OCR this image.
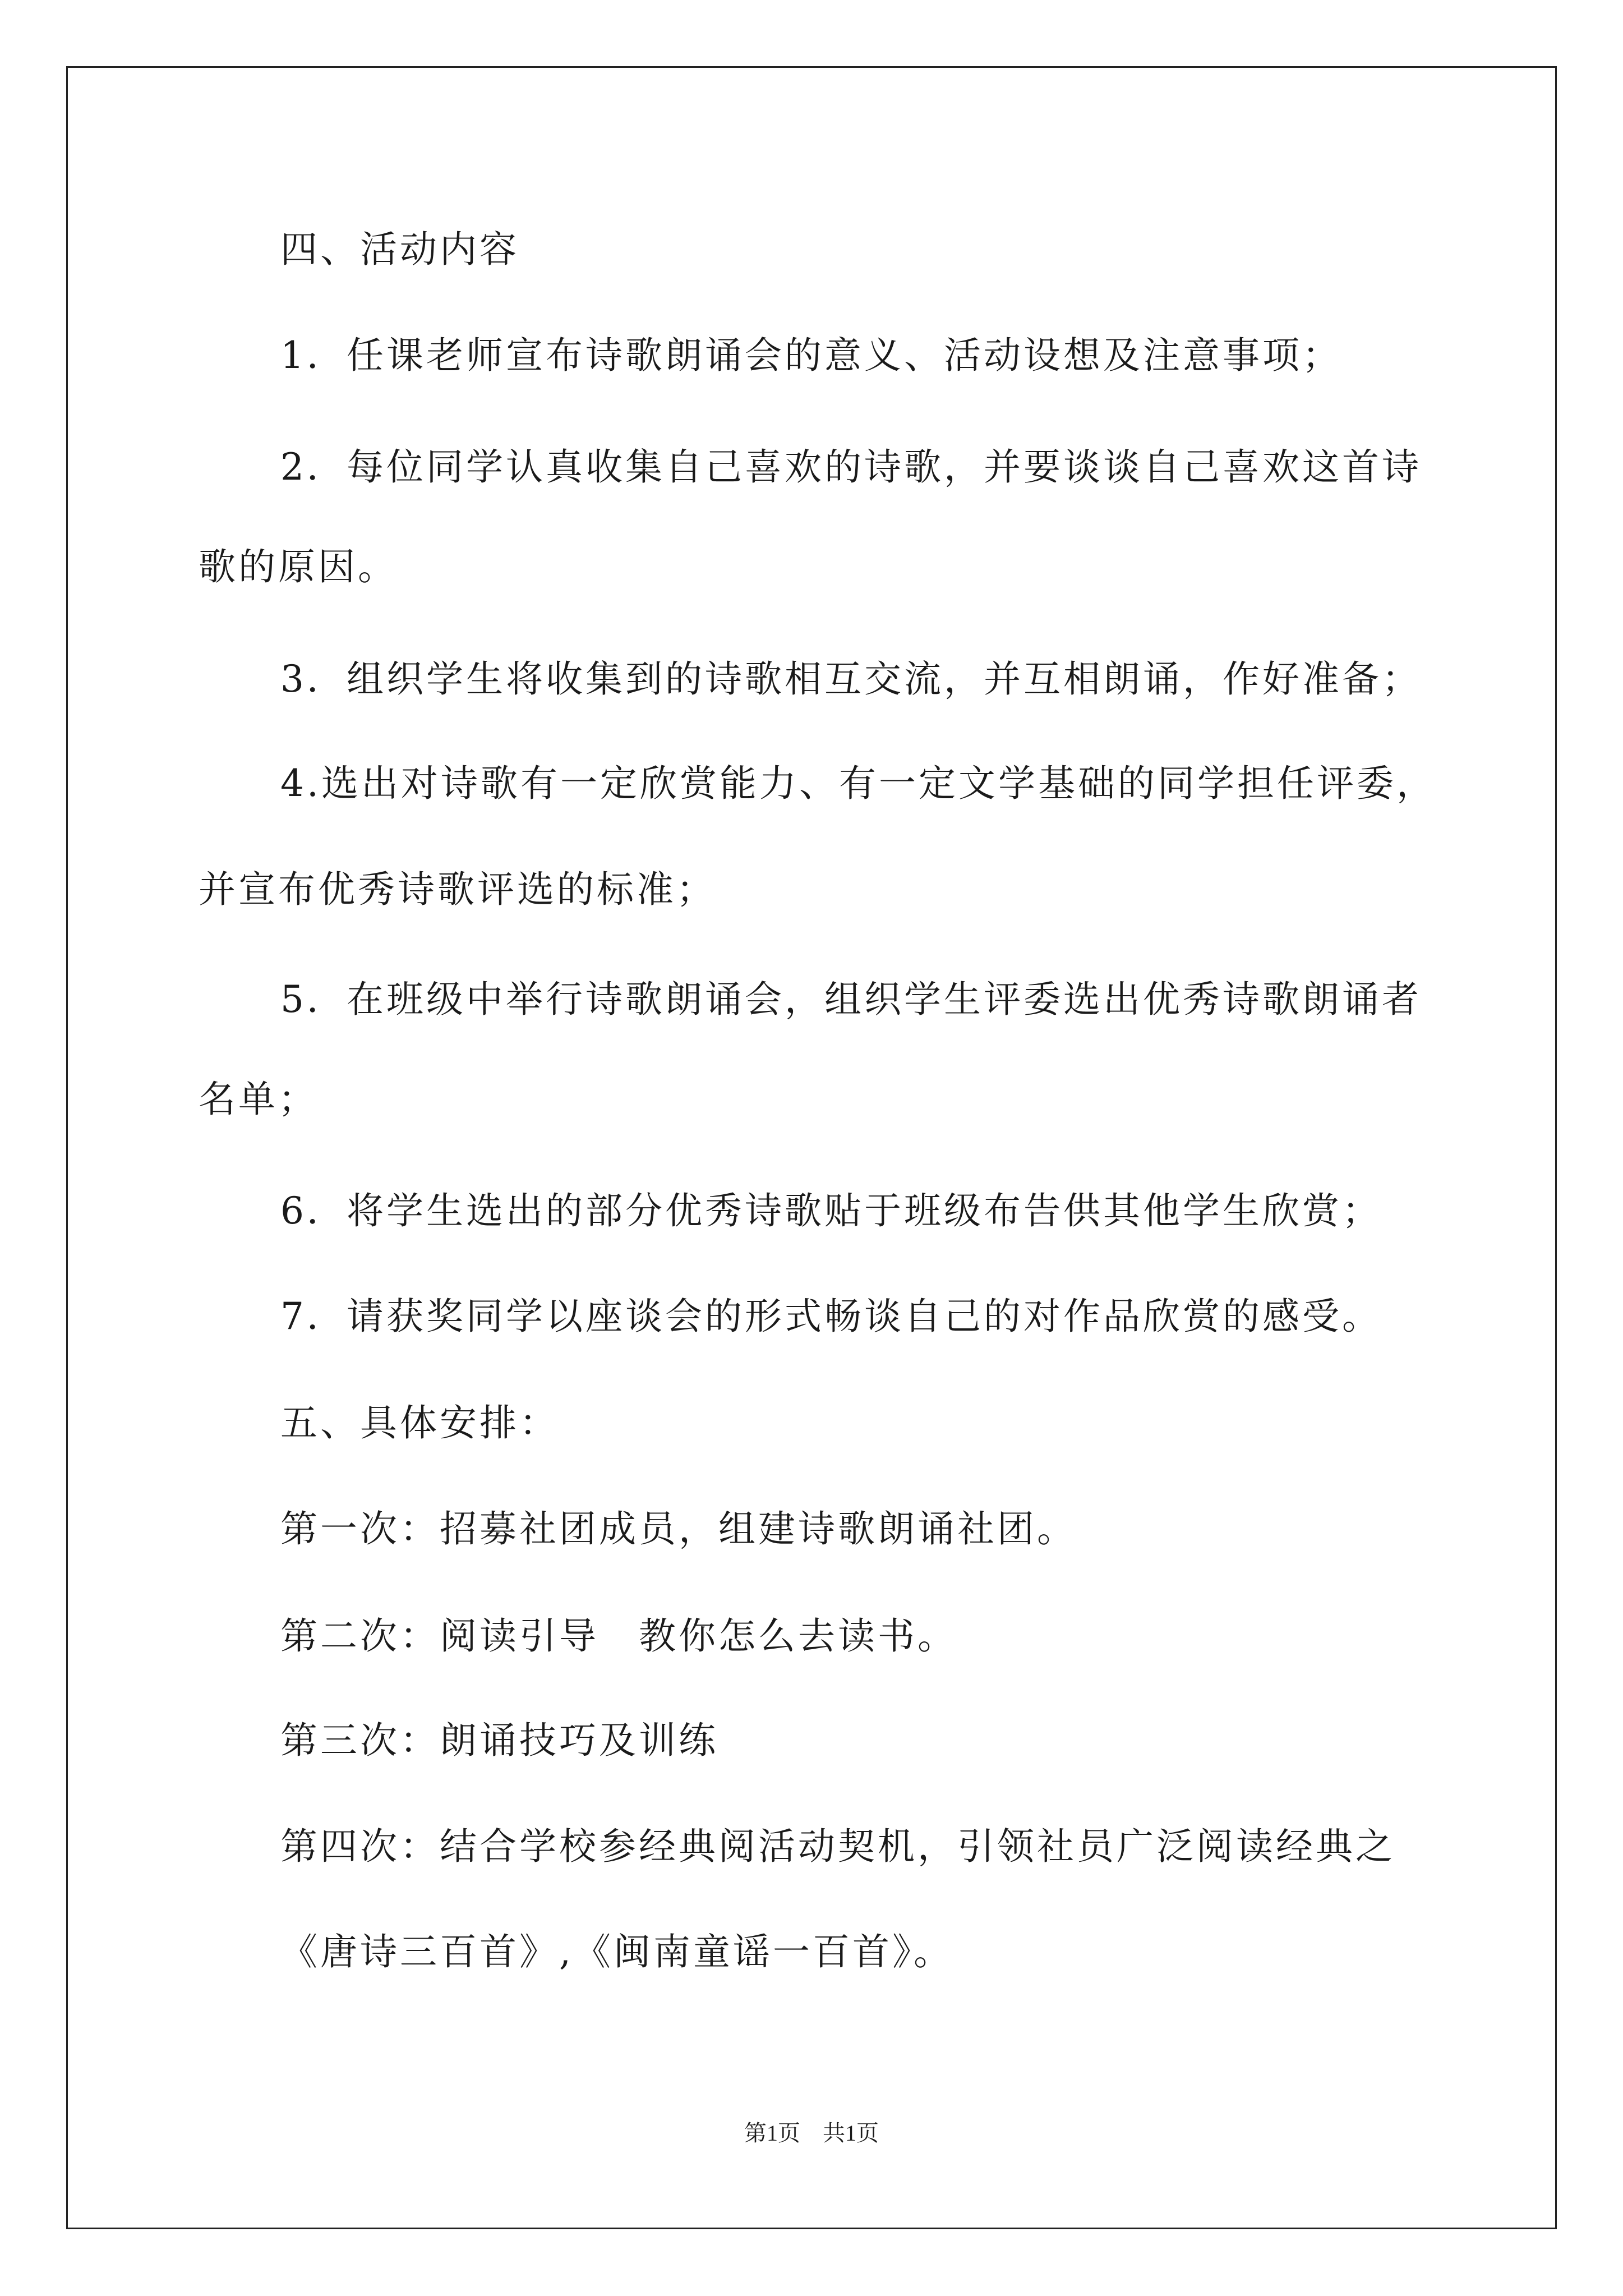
四、活动内容
1．任课老师宣布诗歌朗诵会的意义、活动设想及注意事项；
2．每位同学认真收集自己喜欢的诗歌，并要谈谈自己喜欢这首诗
歌的原因。
3．组织学生将收集到的诗歌相互交流，并互相朗诵，作好准备；
4.选出对诗歌有一定欣赏能力、有一定文学基础的同学担任评委，
并宣布优秀诗歌评选的标准；
5．在班级中举行诗歌朗诵会，组织学生评委选出优秀诗歌朗诵者
名单；
6．将学生选出的部分优秀诗歌贴于班级布告供其他学生欣赏；
7．请获奖同学以座谈会的形式畅谈自己的对作品欣赏的感受。
五、具体安排：
第一次：招募社团成员，组建诗歌朗诵社团。
第二次：阅读引导　教你怎么去读书。
第三次：朗诵技巧及训练
第四次：结合学校参经典阅活动契机，引领社员广泛阅读经典之
《唐诗三百首》,《闽南童谣一百首》。
第1页　共1页
